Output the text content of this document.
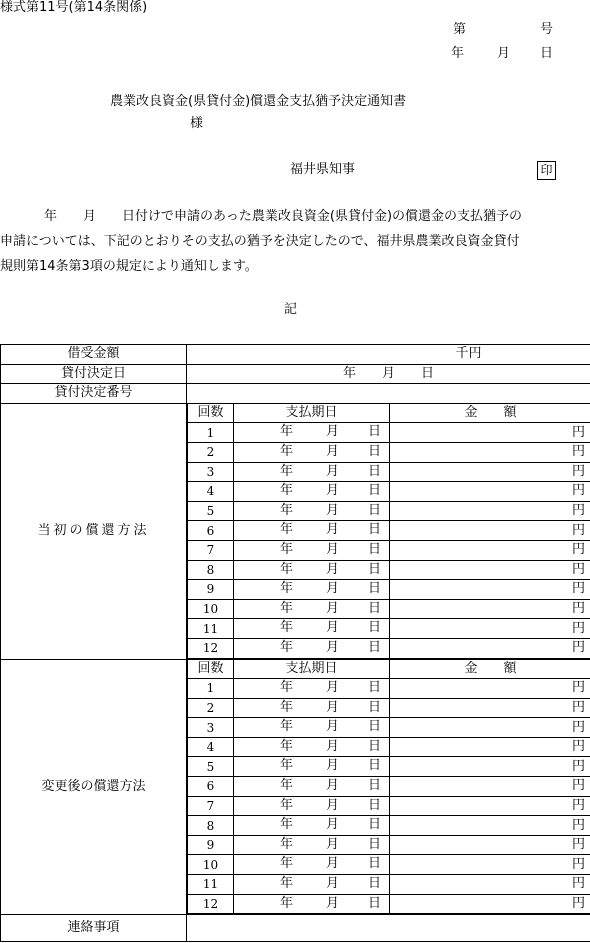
様式第11号(第14条関係)
第	号
年	月 日
農業改良資金(県貸付金)償還金支払猶予決定通知書
様
福井県知事	印
年　　月　　日付けで申請のあった農業改良資金(県貸付金)の償還金の支払猶予の
申請については、下記のとおりその支払の猶予を決定したので、福井県農業改良資金貸付
規則第14条第3項の規定により通知します。
記
借受金額	千円
貸付決定日	年　　月　　日
貸付決定番号	
当初の償還方法	
回数	支払期日	金　　額
1	年	月 日	円
2	年	月 日	円
3	年	月 日	円
4	年	月 日	円
5	年	月 日	円
6	年	月 日	円
7	年	月 日	円
8	年	月 日	円
9	年	月 日	円
10	年	月 日	円
11	年	月 日	円
12	年	月 日	円

変更後の償還方法	
回数	支払期日	金　　額
1	年	月 日	円
2	年	月 日	円
3	年	月 日	円
4	年	月 日	円
5	年	月 日	円
6	年	月 日	円
7	年	月 日	円
8	年	月 日	円
9	年	月 日	円
10	年	月 日	円
11	年	月 日	円
12	年	月 日	円

連絡事項	
